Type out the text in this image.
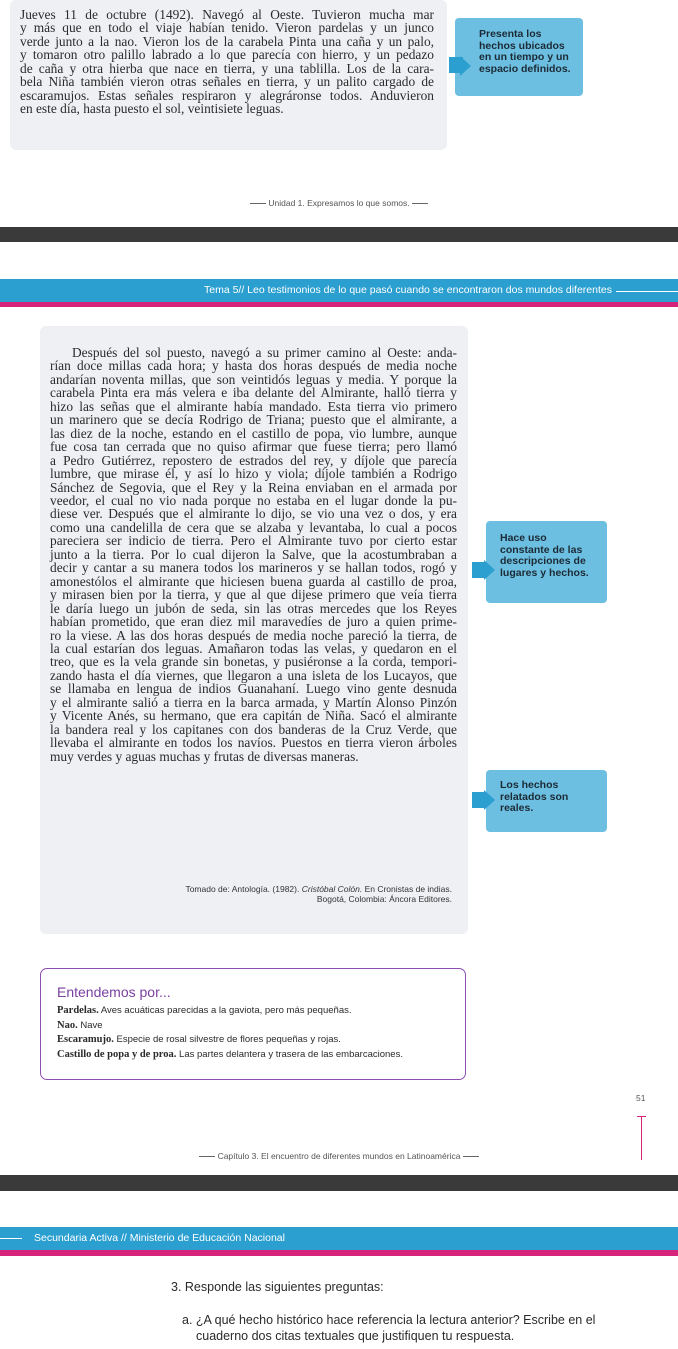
Jueves 11 de octubre (1492). Navegó al Oeste. Tuvieron mucha mar
y más que en todo el viaje habían tenido. Vieron pardelas y un junco
verde junto a la nao. Vieron los de la carabela Pinta una caña y un palo,
y tomaron otro palillo labrado a lo que parecía con hierro, y un pedazo
de caña y otra hierba que nace en tierra, y una tablilla. Los de la cara-
bela Niña también vieron otras señales en tierra, y un palito cargado de
escaramujos. Estas señales respiraron y alegráronse todos. Anduvieron
en este día, hasta puesto el sol, veintisiete leguas.
Presenta los
hechos ubicados
en un tiempo y un
espacio definidos.
Unidad 1. Expresamos lo que somos.
Tema 5// Leo testimonios de lo que pasó cuando se encontraron dos mundos diferentes
Después del sol puesto, navegó a su primer camino al Oeste: anda-
rían doce millas cada hora; y hasta dos horas después de media noche
andarían noventa millas, que son veintidós leguas y media. Y porque la
carabela Pinta era más velera e iba delante del Almirante, halló tierra y
hizo las señas que el almirante había mandado. Esta tierra vio primero
un marinero que se decía Rodrigo de Triana; puesto que el almirante, a
las diez de la noche, estando en el castillo de popa, vio lumbre, aunque
fue cosa tan cerrada que no quiso afirmar que fuese tierra; pero llamó
a Pedro Gutiérrez, repostero de estrados del rey, y díjole que parecía
lumbre, que mirase él, y así lo hizo y viola; díjole también a Rodrigo
Sánchez de Segovia, que el Rey y la Reina enviaban en el armada por
veedor, el cual no vio nada porque no estaba en el lugar donde la pu-
diese ver. Después que el almirante lo dijo, se vio una vez o dos, y era
como una candelilla de cera que se alzaba y levantaba, lo cual a pocos
pareciera ser indicio de tierra. Pero el Almirante tuvo por cierto estar
junto a la tierra. Por lo cual dijeron la Salve, que la acostumbraban a
decir y cantar a su manera todos los marineros y se hallan todos, rogó y
amonestólos el almirante que hiciesen buena guarda al castillo de proa,
y mirasen bien por la tierra, y que al que dijese primero que veía tierra
le daría luego un jubón de seda, sin las otras mercedes que los Reyes
habían prometido, que eran diez mil maravedíes de juro a quien prime-
ro la viese. A las dos horas después de media noche pareció la tierra, de
la cual estarían dos leguas. Amañaron todas las velas, y quedaron en el
treo, que es la vela grande sin bonetas, y pusiéronse a la corda, tempori-
zando hasta el día viernes, que llegaron a una isleta de los Lucayos, que
se llamaba en lengua de indios Guanahaní. Luego vino gente desnuda
y el almirante salió a tierra en la barca armada, y Martín Alonso Pinzón
y Vicente Anés, su hermano, que era capitán de Niña. Sacó el almirante
la bandera real y los capitanes con dos banderas de la Cruz Verde, que
llevaba el almirante en todos los navíos. Puestos en tierra vieron árboles
muy verdes y aguas muchas y frutas de diversas maneras.
Tomado de: Antología. (1982). Cristóbal Colón. En Cronistas de indias.
Bogotá, Colombia: Áncora Editores.
Hace uso
constante de las
descripciones de
lugares y hechos.
Los hechos
relatados son
reales.
Entendemos por...
Pardelas. Aves acuáticas parecidas a la gaviota, pero más pequeñas.
Nao. Nave
Escaramujo. Especie de rosal silvestre de flores pequeñas y rojas.
Castillo de popa y de proa. Las partes delantera y trasera de las embarcaciones.
51
Capítulo 3. El encuentro de diferentes mundos en Latinoamérica
Secundaria Activa // Ministerio de Educación Nacional
3. Responde las siguientes preguntas:
a. ¿A qué hecho histórico hace referencia la lectura anterior? Escribe en el
cuaderno dos citas textuales que justifiquen tu respuesta.
